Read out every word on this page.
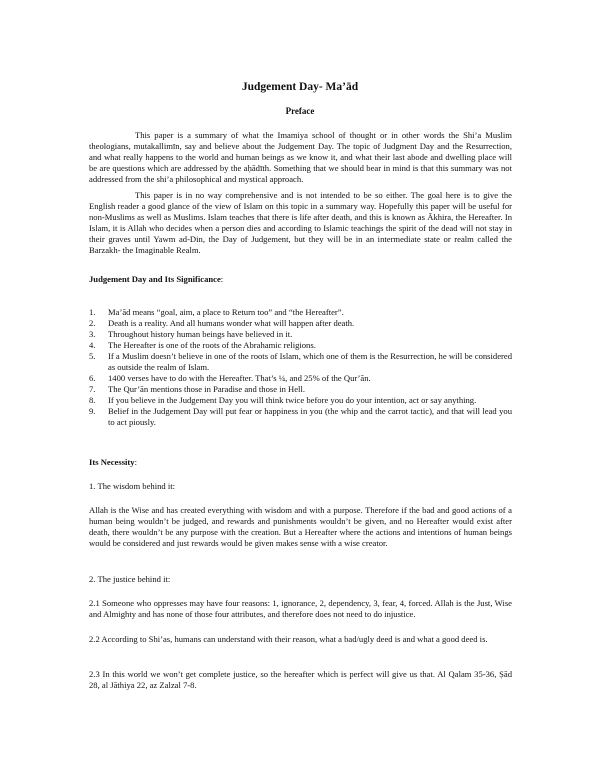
Judgement Day- Ma’ād
Preface

This paper is a summary of what the Imamiya school of thought or in other words the Shi’a Muslim theologians, mutakallimīn, say and believe about the Judgement Day. The topic of Judgment Day and the Resurrection, and what really happens to the world and human beings as we know it, and what their last abode and dwelling place will be are questions which are addressed by the aḥādīth. Something that we should bear in mind is that this summary was not addressed from the shi’a philosophical and mystical approach.

This paper is in no way comprehensive and is not intended to be so either. The goal here is to give the English reader a good glance of the view of Islam on this topic in a summary way. Hopefully this paper will be useful for non-Muslims as well as Muslims. Islam teaches that there is life after death, and this is known as Ākhira, the Hereafter. In Islam, it is Allah who decides when a person dies and according to Islamic teachings the spirit of the dead will not stay in their graves until Yawm ad-Din, the Day of Judgement, but they will be in an intermediate state or realm called the Barzakh- the Imaginable Realm.

Judgement Day and Its Significance:

1 .	Ma’ād means “goal, aim, a place to Return too” and “the Hereafter”.
2 .	Death is a reality. And all humans wonder what will happen after death.
3 .	Throughout history human beings have believed in it.
4 .	The Hereafter is one of the roots of the Abrahamic religions.
5 .	If a Muslim doesn’t believe in one of the roots of Islam, which one of them is the Resurrection, he will be considered as outside the realm of Islam.
6 .	1400 verses have to do with the Hereafter. That’s ¼, and 25% of the Qur’ān.
7 .	The Qur’ān mentions those in Paradise and those in Hell.
8 .	If you believe in the Judgement Day you will think twice before you do your intention, act or say anything.
9 .	Belief in the Judgement Day will put fear or happiness in you (the whip and the carrot tactic), and that will lead you to act piously.

Its Necessity:

1. The wisdom behind it:

Allah is the Wise and has created everything with wisdom and with a purpose. Therefore if the bad and good actions of a human being wouldn’t be judged, and rewards and punishments wouldn’t be given, and no Hereafter would exist after death, there wouldn’t be any purpose with the creation. But a Hereafter where the actions and intentions of human beings would be considered and just rewards would be given makes sense with a wise creator.

2. The justice behind it:

2.1 Someone who oppresses may have four reasons: 1, ignorance, 2, dependency, 3, fear, 4, forced. Allah is the Just, Wise and Almighty and has none of those four attributes, and therefore does not need to do injustice.

2.2 According to Shi’as, humans can understand with their reason, what a bad/ugly deed is and what a good deed is.

2.3 In this world we won’t get complete justice, so the hereafter which is perfect will give us that. Al Qalam 35-36, Ṣād 28, al Jāthiya 22, az Zalzal 7-8.
